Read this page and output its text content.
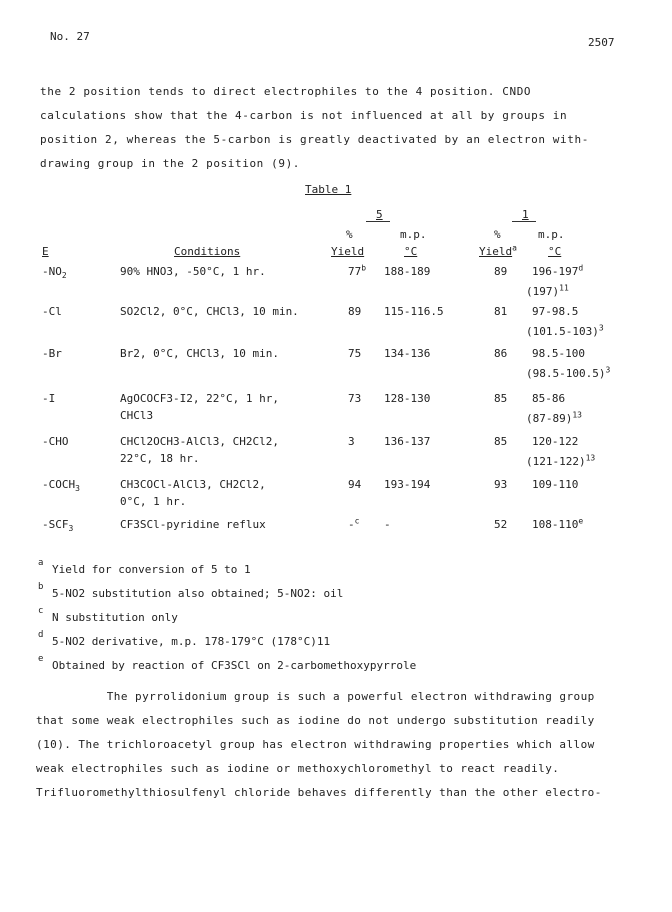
No. 27	2507
the 2 position tends to direct electrophiles to the 4 position. CNDO
calculations show that the 4-carbon is not influenced at all by groups in
position 2, whereas the 5-carbon is greatly deactivated by an electron with-
drawing group in the 2 position (9).
Table 1
5	1
%	m.p.	%	m.p.
E	Conditions	Yield	°C	Yield$^a$	°C
$-NO_2$	90% HNO3, -50°C, 1 hr.	77$^b$ 188-189	89 196-197$^d$
$(197)^{11}$
-Cl	SO2Cl2, 0°C, CHCl3, 10 min.	89 115-116.5	81 97-98.5
$(101.5-103)^3$
-Br	Br2, 0°C, CHCl3, 10 min.	75 134-136	86 98.5-100
$(98.5-100.5)^3$
-I	AgOCOCF3-I2, 22°C, 1 hr,
CHCl3
73 128-130	85 85-86
$(87-89)^{13}$
-CHO	CHCl2OCH3-AlCl3, CH2Cl2,
22°C, 18 hr.
3	136-137	85 120-122
$(121-122)^{13}$
$-COCH_3$	CH3COCl-AlCl3, CH2Cl2,
0°C, 1 hr.
94 193-194	93 109-110
$-SCF_3$	CF3SCl-pyridine reflux	-$^c$ -	52 108-110e
a Yield for conversion of 5 to 1
b 5-NO2 substitution also obtained; 5-NO2: oil
c N substitution only
d 5-NO2 derivative, m.p. 178-179°C (178°C)11
e Obtained by reaction of CF3SCl on 2-carbomethoxypyrrole
The pyrrolidonium group is such a powerful electron withdrawing group
that some weak electrophiles such as iodine do not undergo substitution readily
(10). The trichloroacetyl group has electron withdrawing properties which allow
weak electrophiles such as iodine or methoxychloromethyl to react readily.
Trifluoromethylthiosulfenyl chloride behaves differently than the other electro-
